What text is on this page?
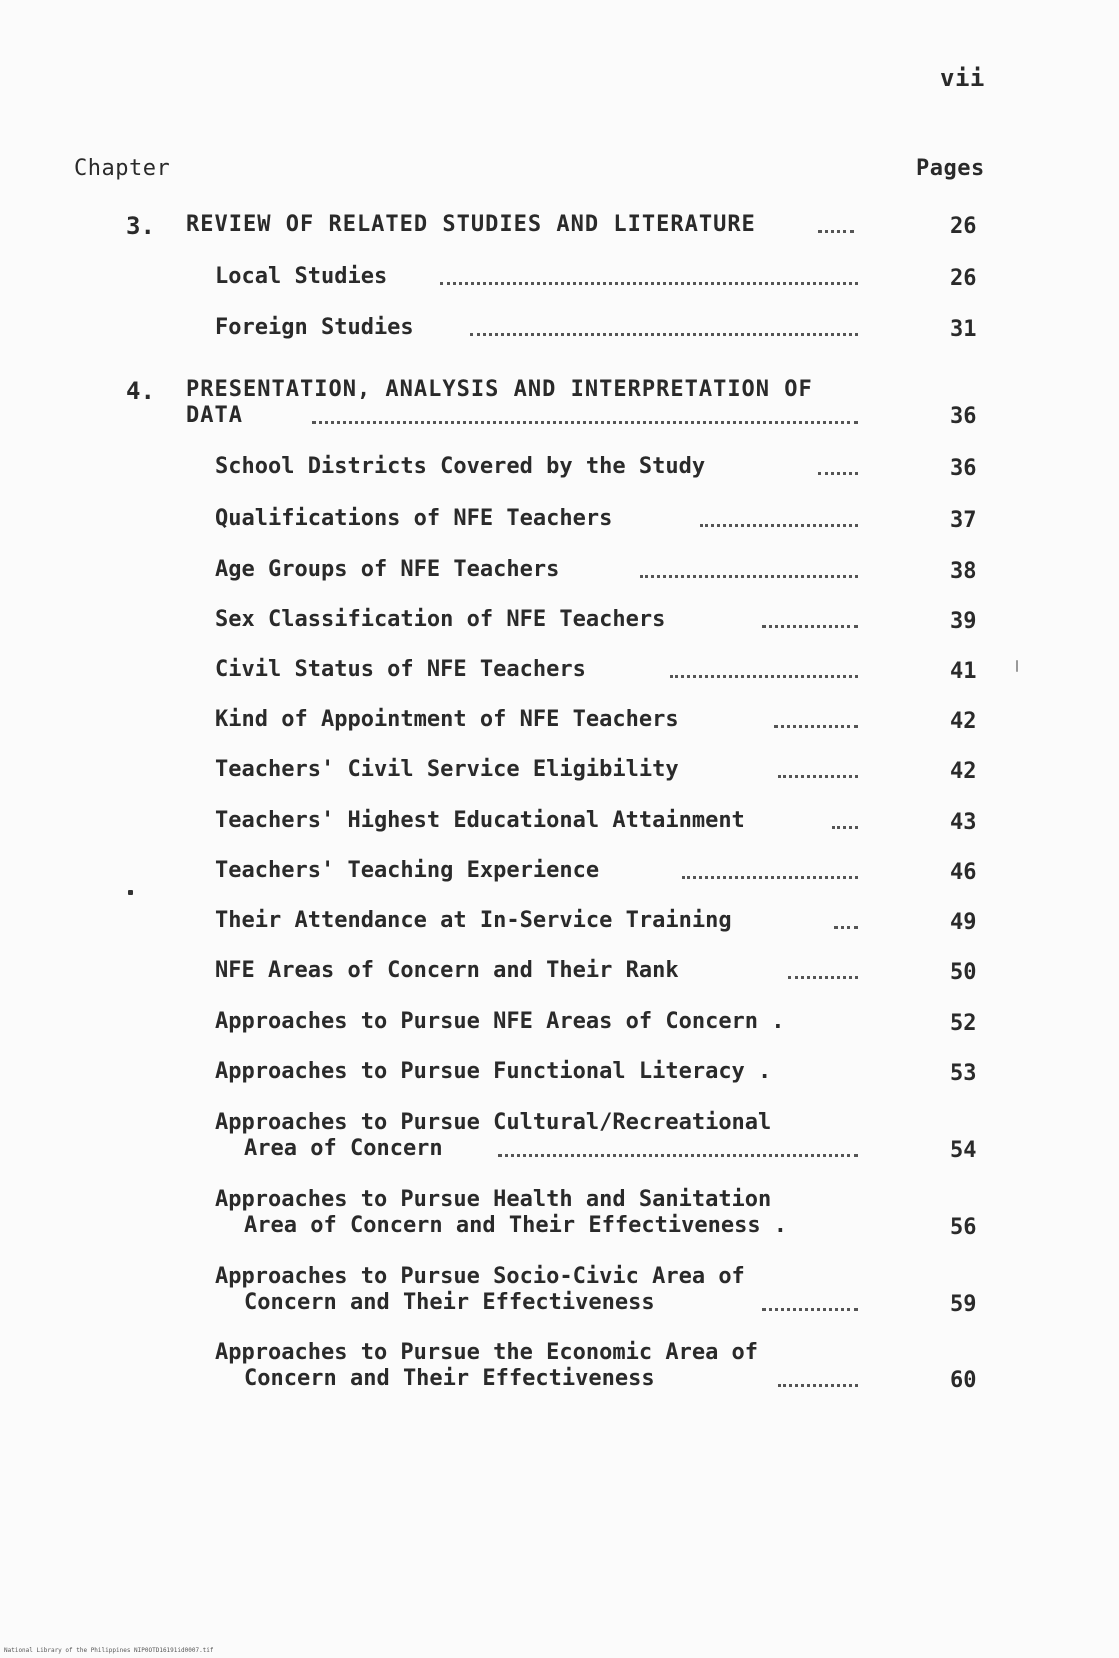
vii
Chapter	Pages
3. REVIEW OF RELATED STUDIES AND LITERATURE	26
Local Studies	26
Foreign Studies	31
4. PRESENTATION, ANALYSIS AND INTERPRETATION OF
DATA	36
School Districts Covered by the Study	36
Qualifications of NFE Teachers	37
Age Groups of NFE Teachers	38
Sex Classification of NFE Teachers	39
Civil Status of NFE Teachers	41
Kind of Appointment of NFE Teachers	42
Teachers' Civil Service Eligibility	42
Teachers' Highest Educational Attainment	43
Teachers' Teaching Experience	46
Their Attendance at In-Service Training	49
NFE Areas of Concern and Their Rank	50
Approaches to Pursue NFE Areas of Concern .	52
Approaches to Pursue Functional Literacy .	53
Approaches to Pursue Cultural/Recreational
Area of Concern	54
Approaches to Pursue Health and Sanitation
Area of Concern and Their Effectiveness .	56
Approaches to Pursue Socio-Civic Area of
Concern and Their Effectiveness	59
Approaches to Pursue the Economic Area of
Concern and Their Effectiveness	60
National Library of the Philippines NIP0OTD16191id0007.tif
